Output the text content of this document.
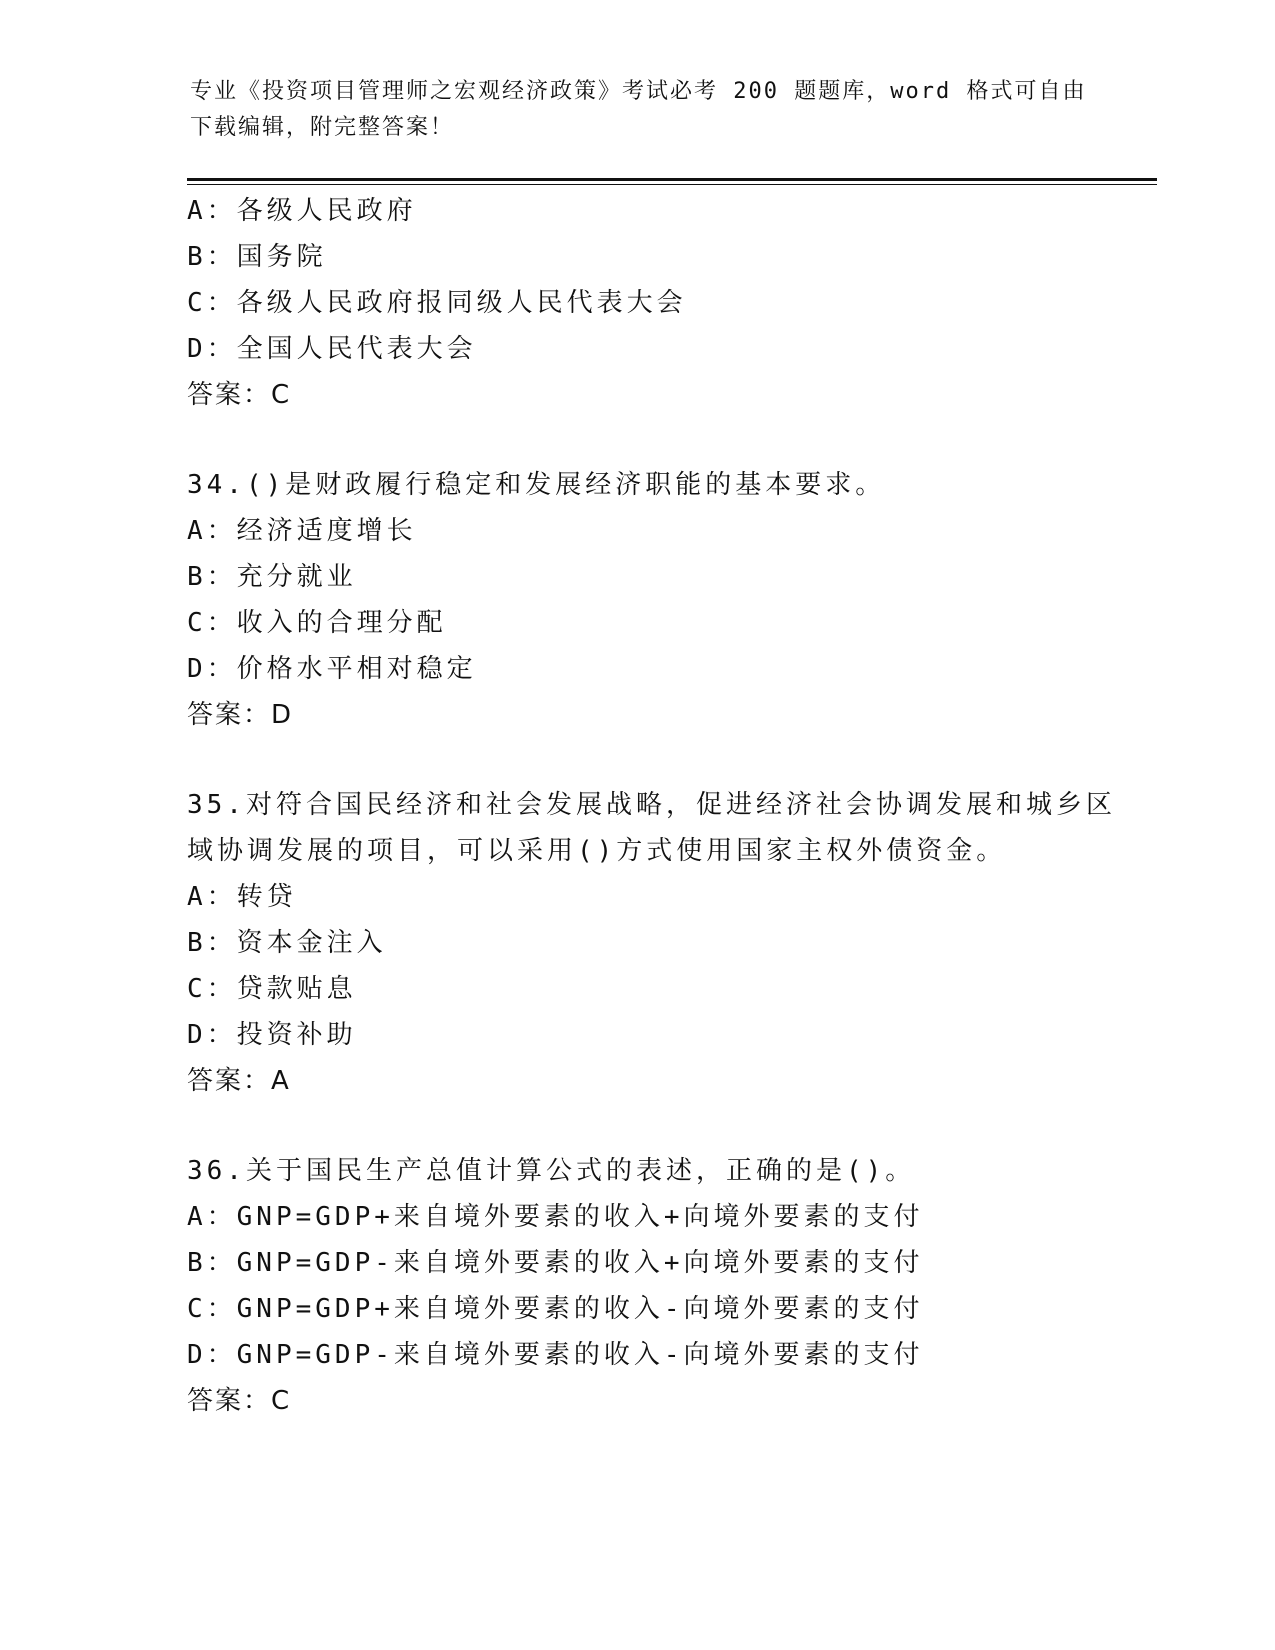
专业《投资项目管理师之宏观经济政策》考试必考 200 题题库，word 格式可自由
下载编辑，附完整答案！
A：各级人民政府
B：国务院
C：各级人民政府报同级人民代表大会
D：全国人民代表大会
答案：C
34.()是财政履行稳定和发展经济职能的基本要求。
A：经济适度增长
B：充分就业
C：收入的合理分配
D：价格水平相对稳定
答案：D
35.对符合国民经济和社会发展战略，促进经济社会协调发展和城乡区
域协调发展的项目，可以采用()方式使用国家主权外债资金。
A：转贷
B：资本金注入
C：贷款贴息
D：投资补助
答案：A
36.关于国民生产总值计算公式的表述，正确的是()。
A：GNP=GDP+来自境外要素的收入+向境外要素的支付
B：GNP=GDP-来自境外要素的收入+向境外要素的支付
C：GNP=GDP+来自境外要素的收入-向境外要素的支付
D：GNP=GDP-来自境外要素的收入-向境外要素的支付
答案：C
